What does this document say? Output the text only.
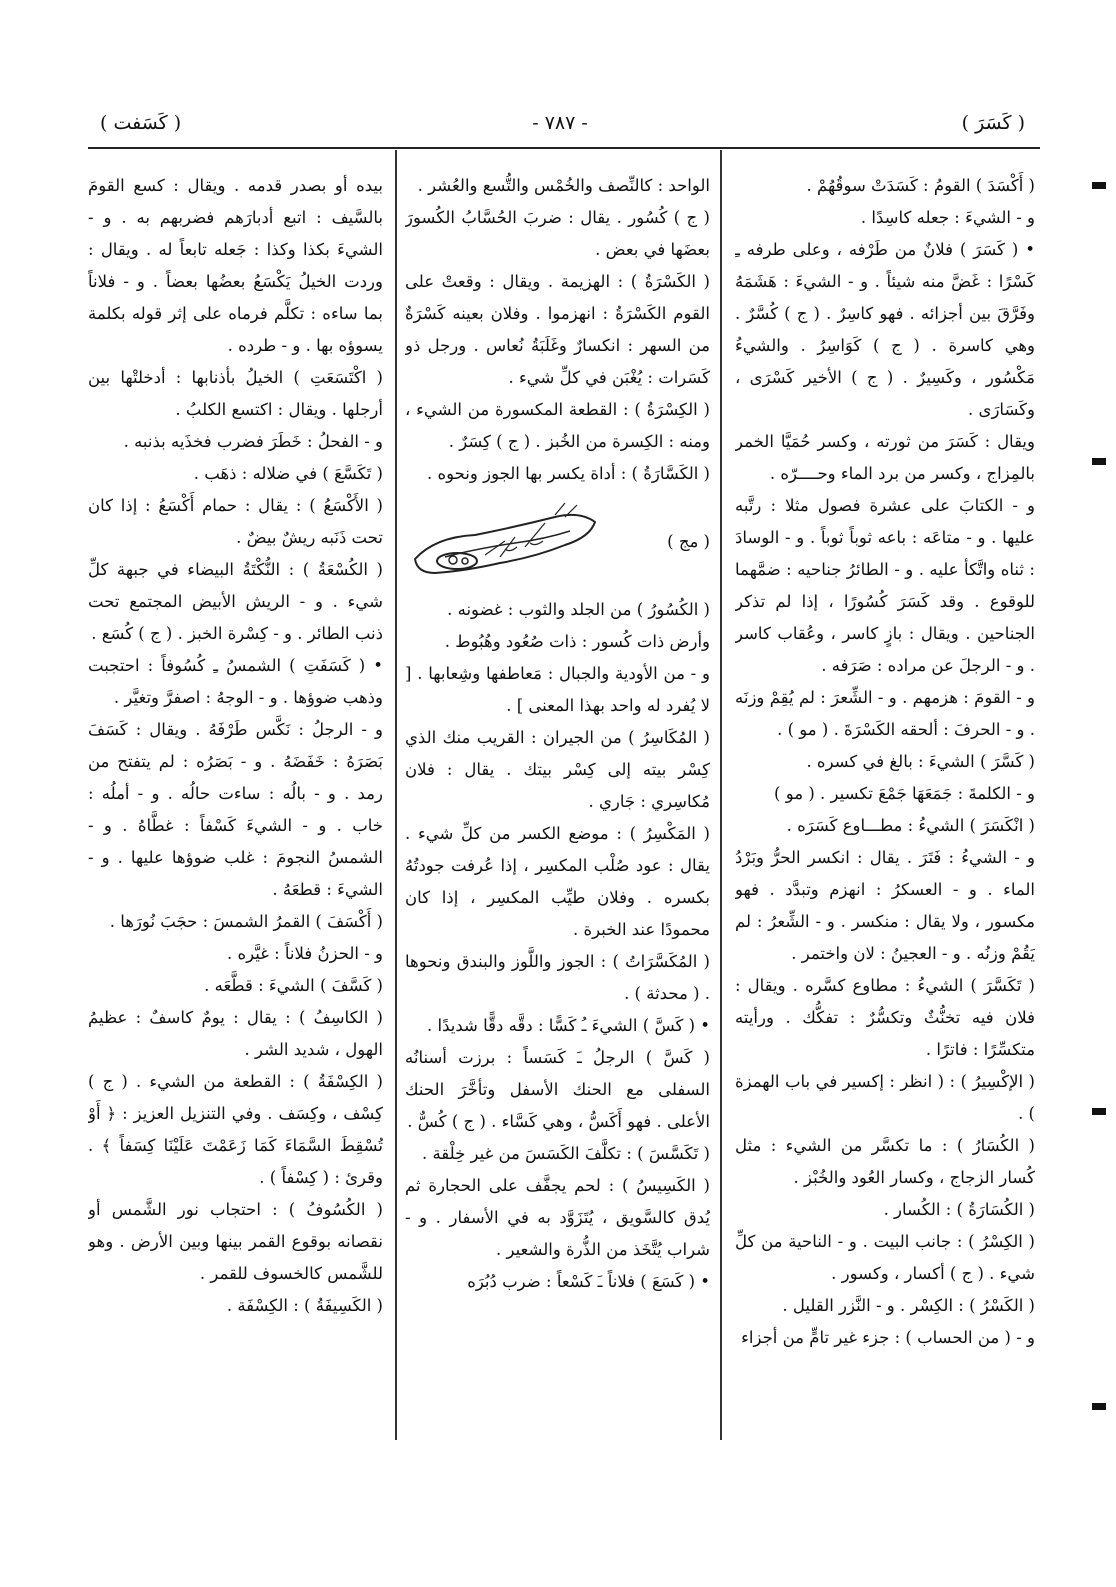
( كَسَفت )	- ٧٨٧ -	( كَسَرَ )

( أَكْسَدَ ) القومُ : كَسَدَتْ سوقُهُمْ .

و - الشيءَ : جعله كاسِدًا .

• ( كَسَرَ ) فلانٌ من طَرْفه ، وعلى طرفه ـِ كَسْرًا : غَضَّ منه شيئاً . و - الشيءَ : هَشَمَهُ وفَرَّقَ بين أجزائه . فهو كاسِرٌ . ( ج ) كُسَّرٌ . وهي كاسرة . ( ج ) كَوَاسِرُ . والشيءُ مَكْسُور ، وكَسِيرٌ . ( ج ) الأخير كَسْرَى ، وكَسَارَى .

ويقال : كَسَرَ من ثورته ، وكسر حُمَيَّا الخمر بالمِزاج ، وكسر من برد الماء وحــــرّه .

و - الكتابَ على عشرة فصول مثلا : رتَّبه عليها . و - متاعَه : باعه ثوباً ثوباً . و - الوسادَ : ثناه واتَّكأ عليه . و - الطائرُ جناحيه : ضمَّهما للوقوع . وقد كَسَرَ كُسُورًا ، إذا لم تذكر الجناحين . ويقال : بازٍ كاسر ، وعُقاب كاسر . و - الرجلَ عن مراده : صَرَفه .

و - القومَ : هزمهم . و - الشِّعرَ : لم يُقِمْ وزنَه . و - الحرفَ : ألحقه الكَسْرَةَ . ( مو ) .

( كَسَّرَ ) الشيءَ : بالغ في كسره .

و - الكلمةَ : جَمَعَهَا جَمْعَ تكسير . ( مو )

( انْكَسَرَ ) الشيءُ : مطـــاوع كَسَرَه .

و - الشيءُ : فَتَرَ . يقال : انكسر الحرُّ وبَرْدُ الماء . و - العسكرُ : انهزم وتبدَّد . فهو مكسور ، ولا يقال : منكسر . و - الشِّعرُ : لم يَقُمْ وزنُه . و - العجينُ : لان واختمر .

( تَكَسَّرَ ) الشيءُ : مطاوع كسَّره . ويقال : فلان فيه تخنُّثٌ وتكسُّرٌ : تفكُّك . ورأيته متكسِّرًا : فاترًا .

( الإكْسِيرُ ) : ( انظر : إكسير في باب الهمزة ) .

( الكُسَارُ ) : ما تكسَّر من الشيء : مثل كُسار الزجاج ، وكسار العُود والخُبْز .

( الكُسَارَةُ ) : الكُسار .

( الكِسْرُ ) : جانب البيت . و - الناحية من كلِّ شيء . ( ج ) أكسار ، وكسور .

( الكَسْرُ ) : الكِسْر . و - النَّزر القليل .

و - ( من الحساب ) : جزء غير تامٍّ من أجزاء

الواحد : كالنِّصف والخُمْس والتُّسع والعُشر .

( ج ) كُسُور . يقال : ضربَ الحُسَّابُ الكُسورَ بعضَها في بعض .

( الكَسْرَةُ ) : الهزيمة . ويقال : وقعتْ على القوم الكَسْرَةُ : انهزموا . وفلان بعينه كَسْرَةٌ من السهر : انكسارٌ وغَلَبَةُ نُعاس . ورجل ذو كَسَرات : يُغْبَن في كلِّ شيء .

( الكِسْرَةُ ) : القطعة المكسورة من الشيء ، ومنه : الكِسرة من الخُبز . ( ج ) كِسَرٌ .

( الكَسَّارَةُ ) : أداة يكسر بها الجوز ونحوه .

( مج )

( الكُسُورُ ) من الجلد والثوب : غضونه .

وأرض ذات كُسور : ذات صُعُود وهُبُوط .

و - من الأودية والجبال : مَعاطفها وشِعابها . [ لا يُفرد له واحد بهذا المعنى ] .

( المُكَاسِرُ ) من الجيران : القريب منك الذي كِسْر بيته إلى كِسْر بيتك . يقال : فلان مُكاسِري : جَاري .

( المَكْسِرُ ) : موضع الكسر من كلِّ شيء . يقال : عود صُلْب المكسِر ، إذا عُرفت جودتُهُ بكسره . وفلان طيِّب المكسِر ، إذا كان محمودًا عند الخبرة .

( المُكَسَّرَاتُ ) : الجوز واللَّوز والبندق ونحوها . ( محدثة ) .

• ( كَسَّ ) الشيءَ ـُ كَسًّا : دقَّه دقًّا شديدًا .

( كَسَّ ) الرجلُ ـَ كَسَساً : برزت أسنانُه السفلى مع الحنك الأسفل وتأخَّرَ الحنك الأعلى . فهو أَكَسُّ ، وهي كَسَّاء . ( ج ) كُسٌّ .

( تَكَسَّسَ ) : تكلَّفَ الكَسَسَ من غير خِلْقة .

( الكَسِيسُ ) : لحم يجفَّف على الحجارة ثم يُدق كالسَّويق ، يُتَزَوَّد به في الأسفار . و - شراب يُتَّخَذ من الذُّرة والشعير .

• ( كَسَعَ ) فلاناً ـَ كَسْعاً : ضرب دُبُرَه

بيده أو بصدر قدمه . ويقال : كسع القومَ بالسَّيف : اتبع أدبارَهم فضربهم به . و - الشيءَ بكذا وكذا : جَعله تابعاً له . ويقال : وردت الخيلُ يَكْسَعُ بعضُها بعضاً . و - فلاناً بما ساءه : تكلَّم فرماه على إثر قوله بكلمة يسوؤه بها . و - طرده .

( اكْتَسَعَتِ ) الخيلُ بأذنابها : أدخلتْها بين أرجلها . ويقال : اكتسع الكلبُ .

و - الفحلُ : خَطَرَ فضرب فخذَيه بذنبه .

( تَكَسَّعَ ) في ضلاله : ذهَب .

( الأَكْسَعُ ) : يقال : حمام أَكْسَعُ : إذا كان تحت ذَنَبه ريشٌ بيضٌ .

( الكُسْعَةُ ) : النُّكْتَةُ البيضاء في جبهة كلِّ شيء . و - الريش الأبيض المجتمع تحت ذنب الطائر . و - كِسْرة الخبز . ( ج ) كُسَع .

• ( كَسَفَتِ ) الشمسُ ـِ كُسُوفاً : احتجبت وذهب ضوؤها . و - الوجهُ : اصفرَّ وتغيَّر .

و - الرجلُ : نَكَّس طَرْفَهُ . ويقال : كَسَفَ بَصَرَهُ : خَفَضَهُ . و - بَصَرُه : لم يتفتح من رمد . و - بالُه : ساءت حالُه . و - أملُه : خاب . و - الشيءَ كَسْفاً : غطَّاهُ . و - الشمسُ النجومَ : غلب ضوؤها عليها . و - الشيءَ : قطعَهُ .

( أَكْسَفَ ) القمرُ الشمسَ : حجَبَ نُورَها .

و - الحزنُ فلاناً : غيَّره .

( كَسَّفَ ) الشيءَ : قطَّعَه .

( الكاسِفُ ) : يقال : يومٌ كاسفٌ : عظيمُ الهول ، شديد الشر .

( الكِسْفَةُ ) : القطعة من الشيء . ( ج ) كِسْف ، وكِسَف . وفي التنزيل العزيز : ﴿ أَوْ تُسْقِطَ السَّمَاءَ كَمَا زَعَمْتَ عَلَيْنَا كِسَفاً ﴾ . وقرئ : ( كِسْفاً ) .

( الكُسُوفُ ) : احتجاب نور الشَّمس أو نقصانه بوقوع القمر بينها وبين الأرض . وهو للشَّمس كالخسوف للقمر .

( الكَسِيفَةُ ) : الكِسْفَة .
